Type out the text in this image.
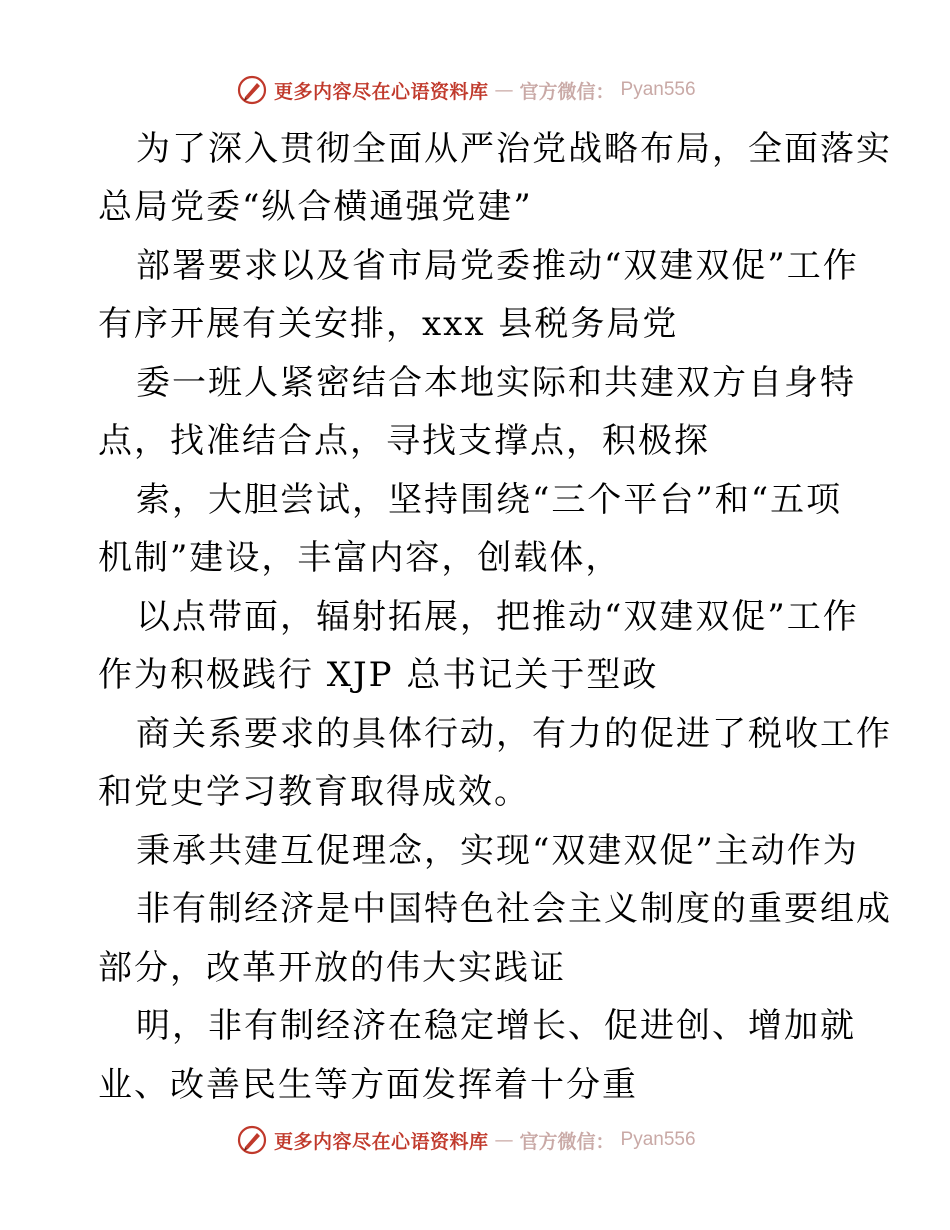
更多内容尽在心语资料库 — 官方微信： Pyan556
为了深入贯彻全面从严治党战略布局，全面落实
总局党委“纵合横通强党建”
部署要求以及省市局党委推动“双建双促”工作
有序开展有关安排，xxx 县税务局党
委一班人紧密结合本地实际和共建双方自身特
点，找准结合点，寻找支撑点，积极探
索，大胆尝试，坚持围绕“三个平台”和“五项
机制”建设，丰富内容，创载体，
以点带面，辐射拓展，把推动“双建双促”工作
作为积极践行 XJP 总书记关于型政
商关系要求的具体行动，有力的促进了税收工作
和党史学习教育取得成效。
秉承共建互促理念，实现“双建双促”主动作为
非有制经济是中国特色社会主义制度的重要组成
部分，改革开放的伟大实践证
明，非有制经济在稳定增长、促进创、增加就
业、改善民生等方面发挥着十分重
更多内容尽在心语资料库 — 官方微信： Pyan556
